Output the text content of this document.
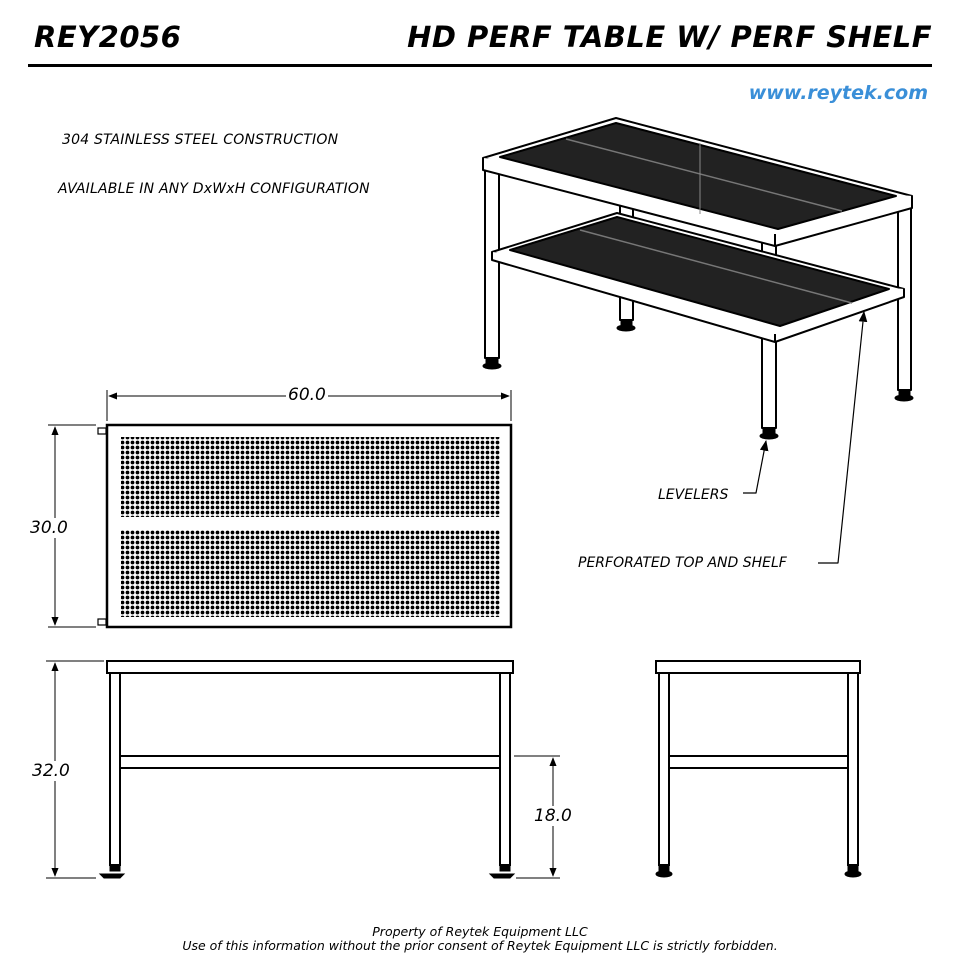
REY2056	HD PERF TABLE W/ PERF SHELF
www.reytek.com
304 STAINLESS STEEL CONSTRUCTION
AVAILABLE IN ANY DxWxH CONFIGURATION
LEVELERS
PERFORATED TOP AND SHELF
60.0
30.0
32.0
18.0
Property of Reytek Equipment LLC
Use of this information without the prior consent of Reytek Equipment LLC is strictly forbidden.
